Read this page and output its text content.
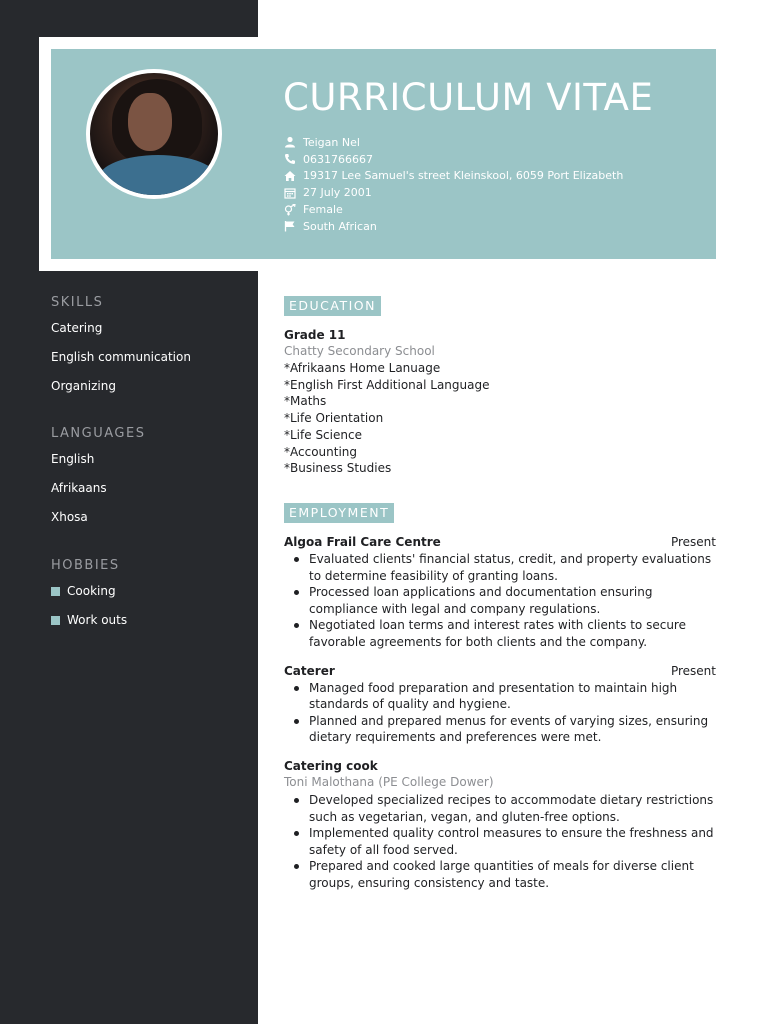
CURRICULUM VITAE
Teigan Nel
0631766667
19317 Lee Samuel's street Kleinskool, 6059 Port Elizabeth
27 July 2001
Female
South African
SKILLS
Catering
English communication
Organizing
LANGUAGES
English
Afrikaans
Xhosa
HOBBIES
Cooking
Work outs
EDUCATION
Grade 11
Chatty Secondary School
*Afrikaans Home Lanuage
*English First Additional Language
*Maths
*Life Orientation
*Life Science
*Accounting
*Business Studies
EMPLOYMENT
Algoa Frail Care Centre	Present
Evaluated clients' financial status, credit, and property evaluations to determine feasibility of granting loans.
Processed loan applications and documentation ensuring compliance with legal and company regulations.
Negotiated loan terms and interest rates with clients to secure favorable agreements for both clients and the company.
Caterer	Present
Managed food preparation and presentation to maintain high standards of quality and hygiene.
Planned and prepared menus for events of varying sizes, ensuring dietary requirements and preferences were met.
Catering cook
Toni Malothana (PE College Dower)
Developed specialized recipes to accommodate dietary restrictions such as vegetarian, vegan, and gluten-free options.
Implemented quality control measures to ensure the freshness and safety of all food served.
Prepared and cooked large quantities of meals for diverse client groups, ensuring consistency and taste.
